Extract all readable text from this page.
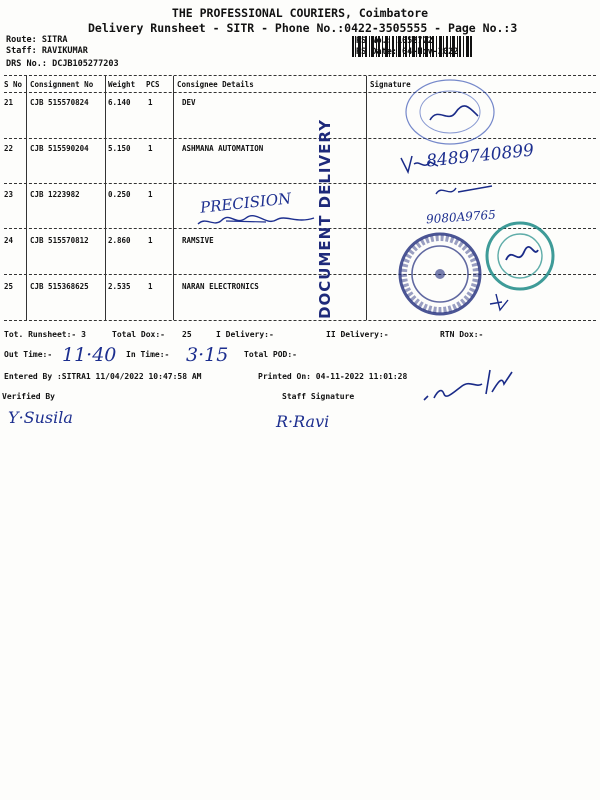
THE PROFESSIONAL COURIERS, Coimbatore
Delivery Runsheet - SITR - Phone No.:0422-3505555 - Page No.:3
Route: SITRA
Staff: RAVIKUMAR
DRS No.: DCJB105277203
RS No.: 1052772
RS Date: 04-Nov-2022
S No Consignment No Weight PCS Consignee Details	Signature
21 CJB 515570824	6.140 1	DEV
22 CJB 515590204	5.150 1	ASHMANA AUTOMATION
23 CJB 1223982	0.250 1
24 CJB 515570812	2.860 1	RAMSIVE
25 CJB 515368625	2.535 1	NARAN ELECTRONICS
PRECISION DOCUMENT DELIVERY	8489740899
9080A9765
Tot. Runsheet:- 3	Total Dox:- 25	I Delivery:-	II Delivery:-	RTN Dox:-
Out Time:- 11·40 In Time:- 3·15 Total POD:-
Entered By :SITRA1 11/04/2022 10:47:58 AM	Printed On: 04-11-2022 11:01:28
Verified By	Staff Signature
Y·Susila	R·Ravi
